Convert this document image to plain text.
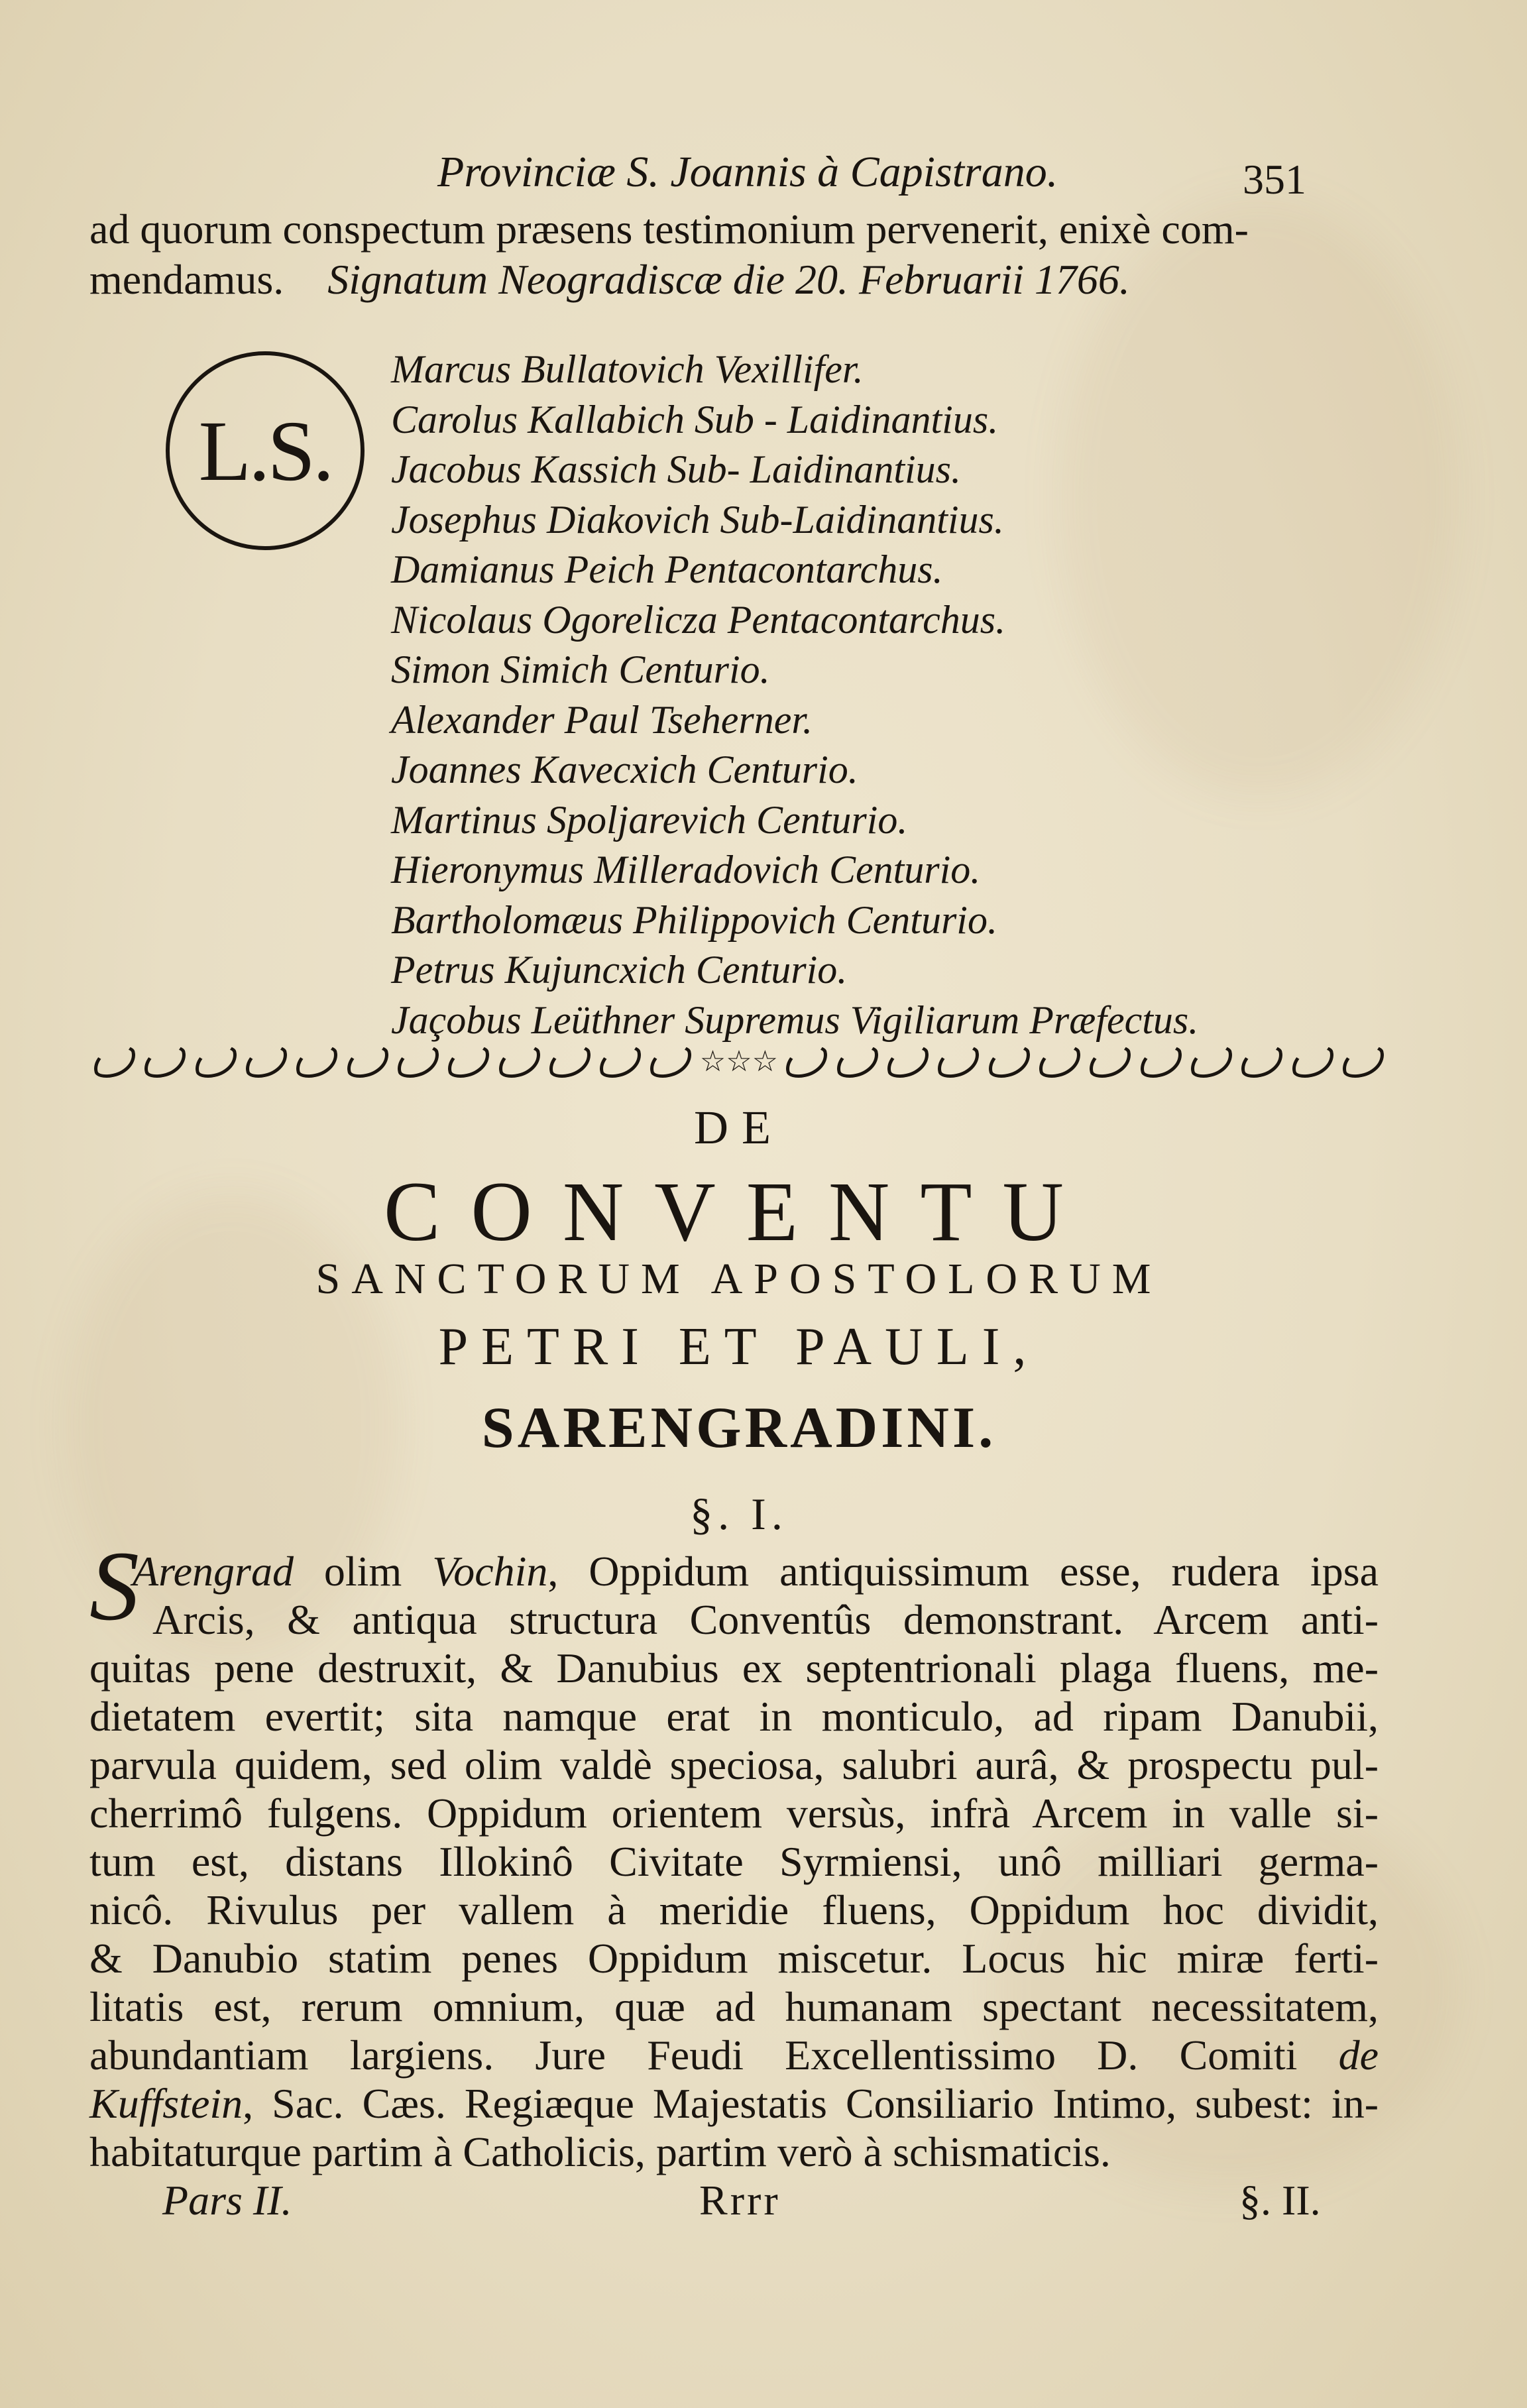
Provinciæ S. Joannis à Capistrano.	351
ad quorum conspectum præsens testimonium pervenerit, enixè com-
mendamus. Signatum Neogradiscæ die 20. Februarii 1766.
L.S.
Marcus Bullatovich Vexillifer.
Carolus Kallabich Sub - Laidinantius.
Jacobus Kassich Sub- Laidinantius.
Josephus Diakovich Sub-Laidinantius.
Damianus Peich Pentacontarchus.
Nicolaus Ogorelicza Pentacontarchus.
Simon Simich Centurio.
Alexander Paul Tseherner.
Joannes Kavecxich Centurio.
Martinus Spoljarevich Centurio.
Hieronymus Milleradovich Centurio.
Bartholomæus Philippovich Centurio.
Petrus Kujuncxich Centurio.
Jaçobus Leüthner Supremus Vigiliarum Præfectus.
☆☆☆
DE
CONVENTU
SANCTORUM APOSTOLORUM
PETRI ET PAULI,
SARENGRADINI.
§. I.
S
Arengrad olim Vochin, Oppidum antiquissimum esse, rudera ipsa
Arcis, & antiqua structura Conventûs demonstrant. Arcem anti-
quitas pene destruxit, & Danubius ex septentrionali plaga fluens, me-
dietatem evertit; sita namque erat in monticulo, ad ripam Danubii,
parvula quidem, sed olim valdè speciosa, salubri aurâ, & prospectu pul-
cherrimô fulgens. Oppidum orientem versùs, infrà Arcem in valle si-
tum est, distans Illokinô Civitate Syrmiensi, unô milliari germa-
nicô. Rivulus per vallem à meridie fluens, Oppidum hoc dividit,
& Danubio statim penes Oppidum miscetur. Locus hic miræ ferti-
litatis est, rerum omnium, quæ ad humanam spectant necessitatem,
abundantiam largiens. Jure Feudi Excellentissimo D. Comiti de
Kuffstein, Sac. Cæs. Regiæque Majestatis Consiliario Intimo, subest: in-
habitaturque partim à Catholicis, partim verò à schismaticis.
Pars II.	Rrrr	§. II.
